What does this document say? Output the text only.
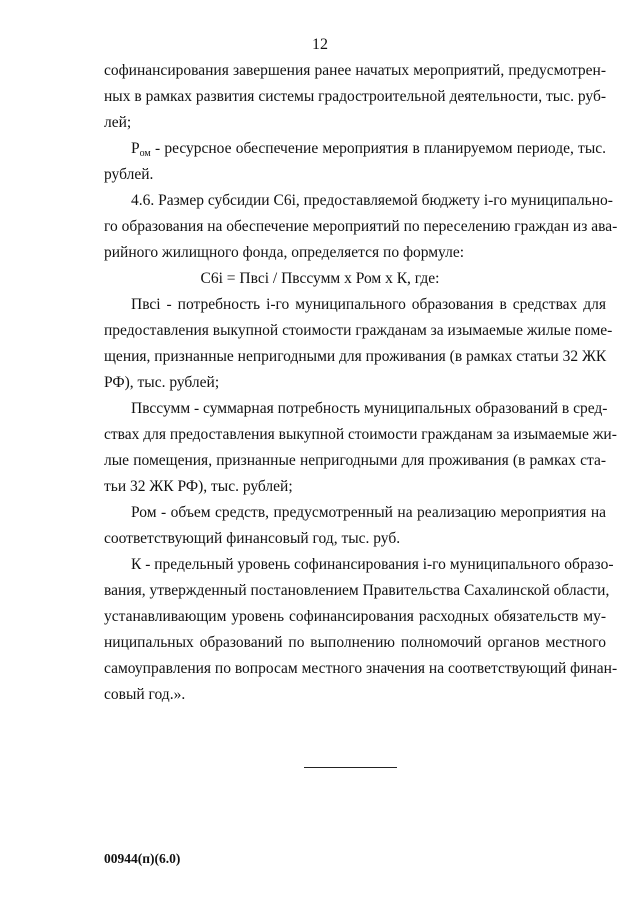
12
софинансирования завершения ранее начатых мероприятий, предусмотрен-
ных в рамках развития системы градостроительной деятельности, тыс. руб-
лей;
Ром - ресурсное обеспечение мероприятия в планируемом периоде, тыс.
рублей.
4.6. Размер субсидии С6i, предоставляемой бюджету i-го муниципально-
го образования на обеспечение мероприятий по переселению граждан из ава-
рийного жилищного фонда, определяется по формуле:
С6i = Пвсi / Пвссумм х Ром х К, где:
Пвсi - потребность i-го муниципального образования в средствах для
предоставления выкупной стоимости гражданам за изымаемые жилые поме-
щения, признанные непригодными для проживания (в рамках статьи 32 ЖК
РФ), тыс. рублей;
Пвссумм - суммарная потребность муниципальных образований в сред-
ствах для предоставления выкупной стоимости гражданам за изымаемые жи-
лые помещения, признанные непригодными для проживания (в рамках ста-
тьи 32 ЖК РФ), тыс. рублей;
Ром - объем средств, предусмотренный на реализацию мероприятия на
соответствующий финансовый год, тыс. руб.
К - предельный уровень софинансирования i-го муниципального образо-
вания, утвержденный постановлением Правительства Сахалинской области,
устанавливающим уровень софинансирования расходных обязательств му-
ниципальных образований по выполнению полномочий органов местного
самоуправления по вопросам местного значения на соответствующий финан-
совый год.».
00944(п)(6.0)
